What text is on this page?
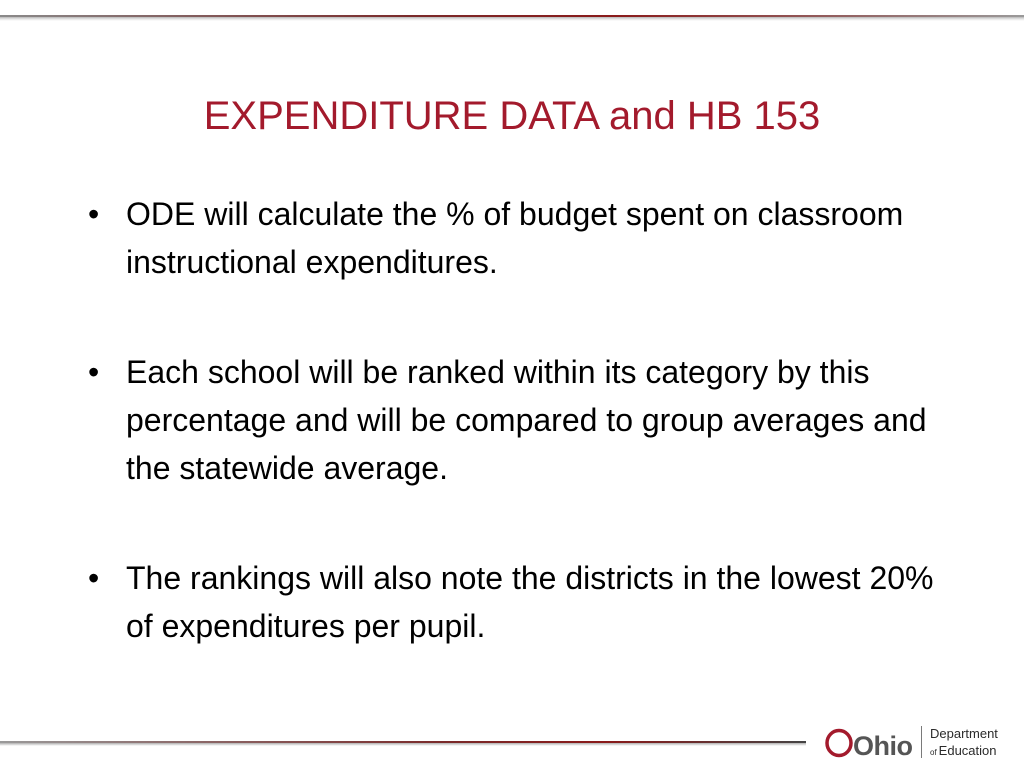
EXPENDITURE DATA and HB 153
• ODE will calculate the % of budget spent on classroom instructional expenditures.
• Each school will be ranked within its category by this percentage and will be compared to group averages and the statewide average.
• The rankings will also note the districts in the lowest 20% of expenditures per pupil.
Ohio Department
of Education
